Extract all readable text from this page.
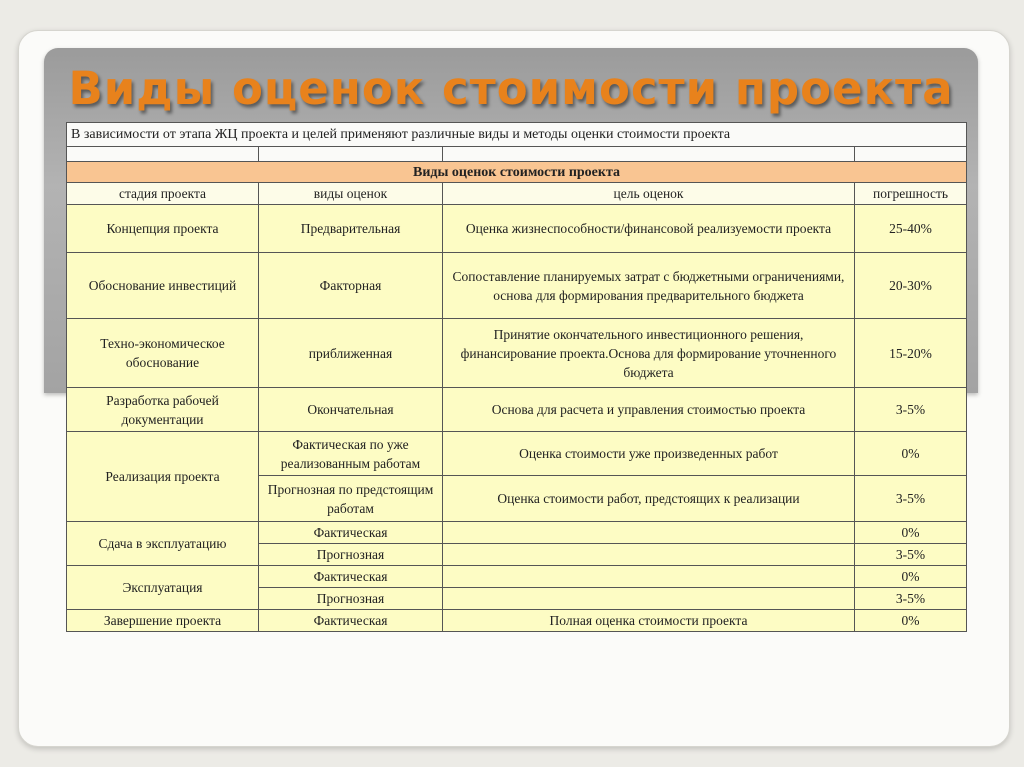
Виды оценок стоимости проекта
В зависимости от этапа ЖЦ проекта и целей применяют различные виды и методы оценки стоимости проекта			

Виды оценок стоимости проекта			
стадия проекта	виды оценок	цель оценок	погрешность
Концепция проекта	Предварительная	Оценка жизнеспособности/финансовой реализуемости проекта	25-40%
Обоснование инвестиций	Факторная	Сопоставление планируемых затрат с бюджетными ограничениями, основа для формирования предварительного бюджета	20-30%
Техно-экономическое обоснование	приближенная	Принятие окончательного инвестиционного решения, финансирование проекта.Основа для формирование уточненного бюджета	15-20%
Разработка рабочей документации	Окончательная	Основа для расчета и управления стоимостью проекта	3-5%
Реализация проекта	Фактическая по уже реализованным работам	Оценка стоимости уже произведенных работ	0%
	Прогнозная по предстоящим работам	Оценка стоимости работ, предстоящих к реализации	3-5%
Сдача в эксплуатацию	Фактическая		0%
	Прогнозная		3-5%
Эксплуатация	Фактическая		0%
	Прогнозная		3-5%
Завершение проекта	Фактическая	Полная оценка стоимости проекта	0%
